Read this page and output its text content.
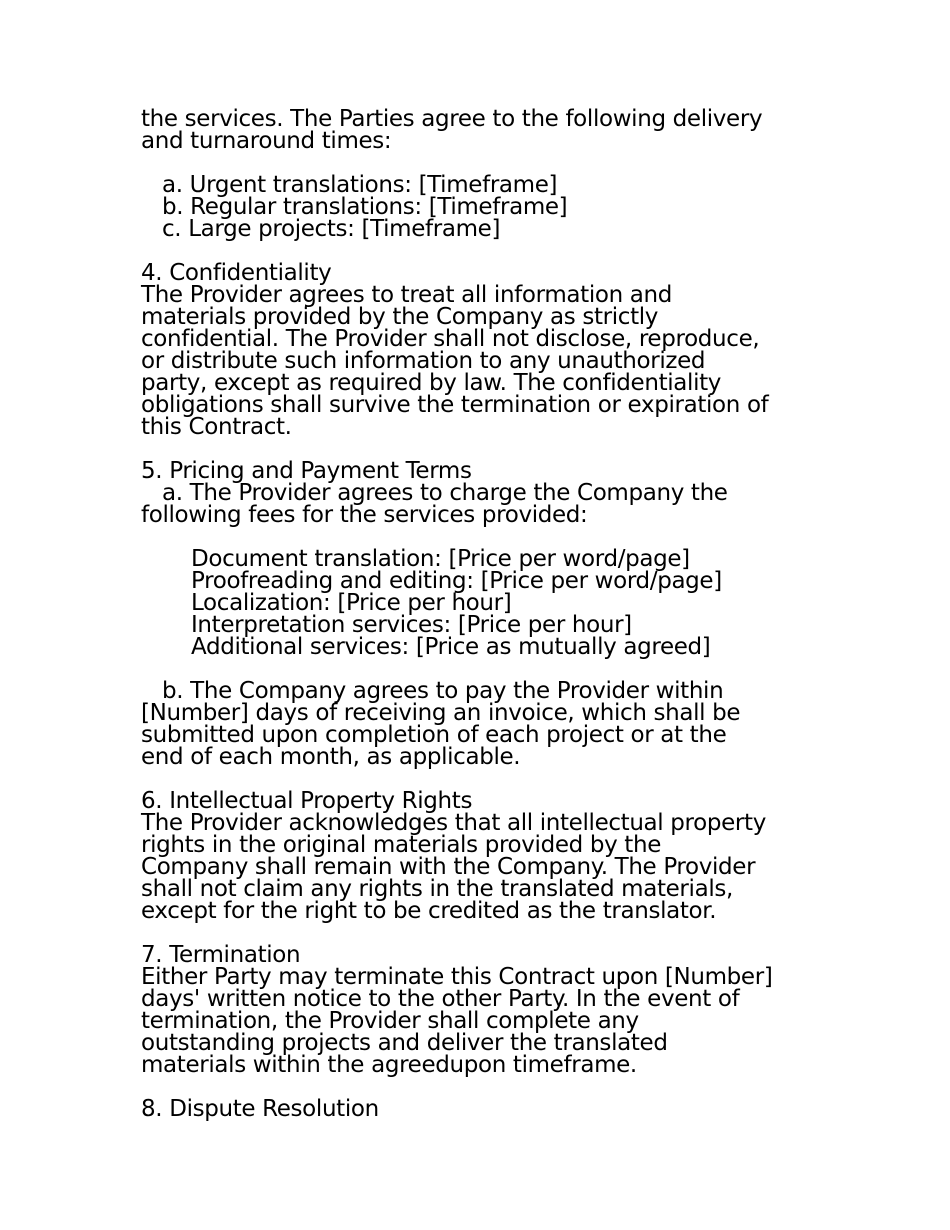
the services. The Parties agree to the following delivery
and turnaround times:
a. Urgent translations: [Timeframe]
b. Regular translations: [Timeframe]
c. Large projects: [Timeframe]
4. Confidentiality
The Provider agrees to treat all information and
materials provided by the Company as strictly
confidential. The Provider shall not disclose, reproduce,
or distribute such information to any unauthorized
party, except as required by law. The confidentiality
obligations shall survive the termination or expiration of
this Contract.
5. Pricing and Payment Terms
a. The Provider agrees to charge the Company the
following fees for the services provided:
Document translation: [Price per word/page]
Proofreading and editing: [Price per word/page]
Localization: [Price per hour]
Interpretation services: [Price per hour]
Additional services: [Price as mutually agreed]
b. The Company agrees to pay the Provider within
[Number] days of receiving an invoice, which shall be
submitted upon completion of each project or at the
end of each month, as applicable.
6. Intellectual Property Rights
The Provider acknowledges that all intellectual property
rights in the original materials provided by the
Company shall remain with the Company. The Provider
shall not claim any rights in the translated materials,
except for the right to be credited as the translator.
7. Termination
Either Party may terminate this Contract upon [Number]
days' written notice to the other Party. In the event of
termination, the Provider shall complete any
outstanding projects and deliver the translated
materials within the agreedupon timeframe.
8. Dispute Resolution
